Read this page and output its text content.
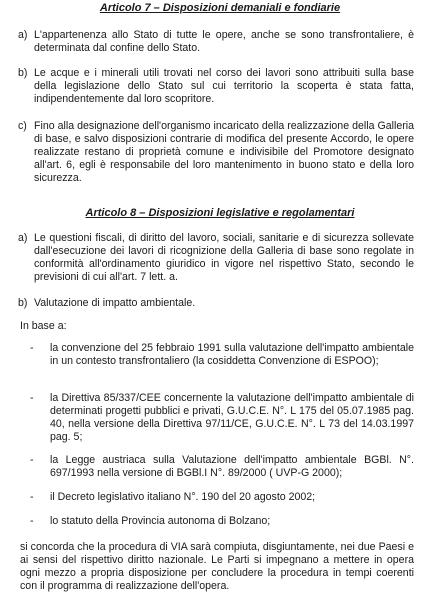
Articolo 7 – Disposizioni demaniali e fondiarie
a) L'appartenenza allo Stato di tutte le opere, anche se sono transfrontaliere, è determinata dal confine dello Stato.
b) Le acque e i minerali utili trovati nel corso dei lavori sono attribuiti sulla base della legislazione dello Stato sul cui territorio la scoperta è stata fatta, indipendentemente dal loro scopritore.
c) Fino alla designazione dell'organismo incaricato della realizzazione della Galleria di base, e salvo disposizioni contrarie di modifica del presente Accordo, le opere realizzate restano di proprietà comune e indivisibile del Promotore designato all'art. 6, egli è responsabile del loro mantenimento in buono stato e della loro sicurezza.
Articolo 8 – Disposizioni legislative e regolamentari
a) Le questioni fiscali, di diritto del lavoro, sociali, sanitarie e di sicurezza sollevate dall'esecuzione dei lavori di ricognizione della Galleria di base sono regolate in conformità all'ordinamento giuridico in vigore nel rispettivo Stato, secondo le previsioni di cui all'art. 7 lett. a.
b) Valutazione di impatto ambientale.
In base a:
-	la convenzione del 25 febbraio 1991 sulla valutazione dell'impatto ambientale in un contesto transfrontaliero (la cosiddetta Convenzione di ESPOO);
-	la Direttiva 85/337/CEE concernente la valutazione dell'impatto ambientale di determinati progetti pubblici e privati, G.U.C.E. N°. L 175 del 05.07.1985 pag. 40, nella versione della Direttiva 97/11/CE, G.U.C.E. N°. L 73 del 14.03.1997 pag. 5;
-	la Legge austriaca sulla Valutazione dell'impatto ambientale BGBl. N°. 697/1993 nella versione di BGBl.I N°. 89/2000 ( UVP-G 2000);
-	il Decreto legislativo italiano N°. 190 del 20 agosto 2002;
-	lo statuto della Provincia autonoma di Bolzano;
si concorda che la procedura di VIA sarà compiuta, disgiuntamente, nei due Paesi e ai sensi del rispettivo diritto nazionale. Le Parti si impegnano a mettere in opera ogni mezzo a propria disposizione per concludere la procedura in tempi coerenti con il programma di realizzazione dell'opera.
